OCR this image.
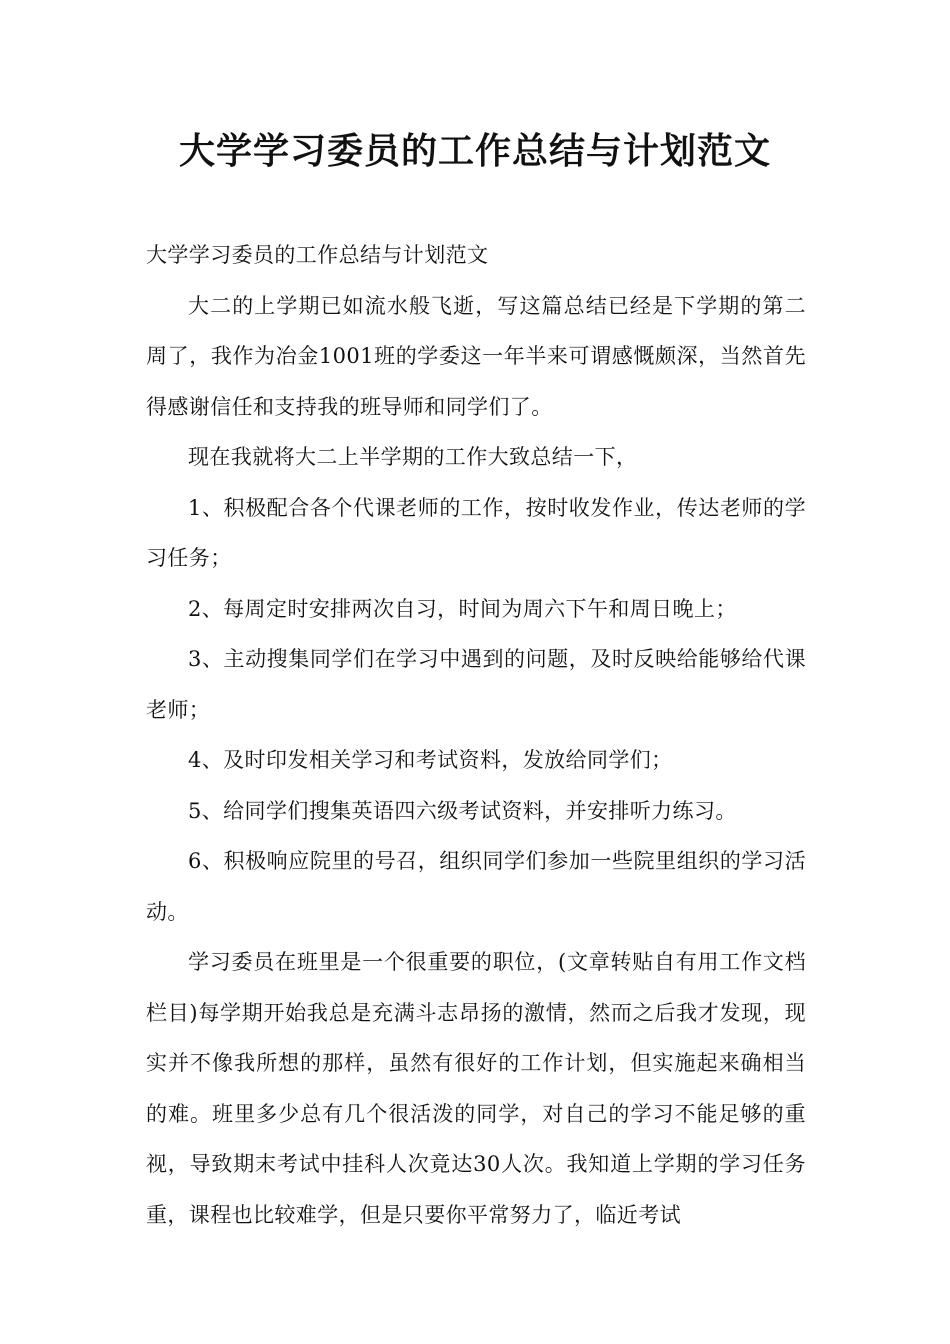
大学学习委员的工作总结与计划范文

大学学习委员的工作总结与计划范文

大二的上学期已如流水般飞逝，写这篇总结已经是下学期的第二周了，我作为冶金1001班的学委这一年半来可谓感慨颇深，当然首先得感谢信任和支持我的班导师和同学们了。

现在我就将大二上半学期的工作大致总结一下，

1、积极配合各个代课老师的工作，按时收发作业，传达老师的学习任务；

2、每周定时安排两次自习，时间为周六下午和周日晚上；

3、主动搜集同学们在学习中遇到的问题，及时反映给能够给代课老师；

4、及时印发相关学习和考试资料，发放给同学们；

5、给同学们搜集英语四六级考试资料，并安排听力练习。

6、积极响应院里的号召，组织同学们参加一些院里组织的学习活动。

学习委员在班里是一个很重要的职位，(文章转贴自有用工作文档栏目)每学期开始我总是充满斗志昂扬的激情，然而之后我才发现，现实并不像我所想的那样，虽然有很好的工作计划，但实施起来确相当的难。班里多少总有几个很活泼的同学，对自己的学习不能足够的重视，导致期末考试中挂科人次竟达30人次。我知道上学期的学习任务重，课程也比较难学，但是只要你平常努力了，临近考试
